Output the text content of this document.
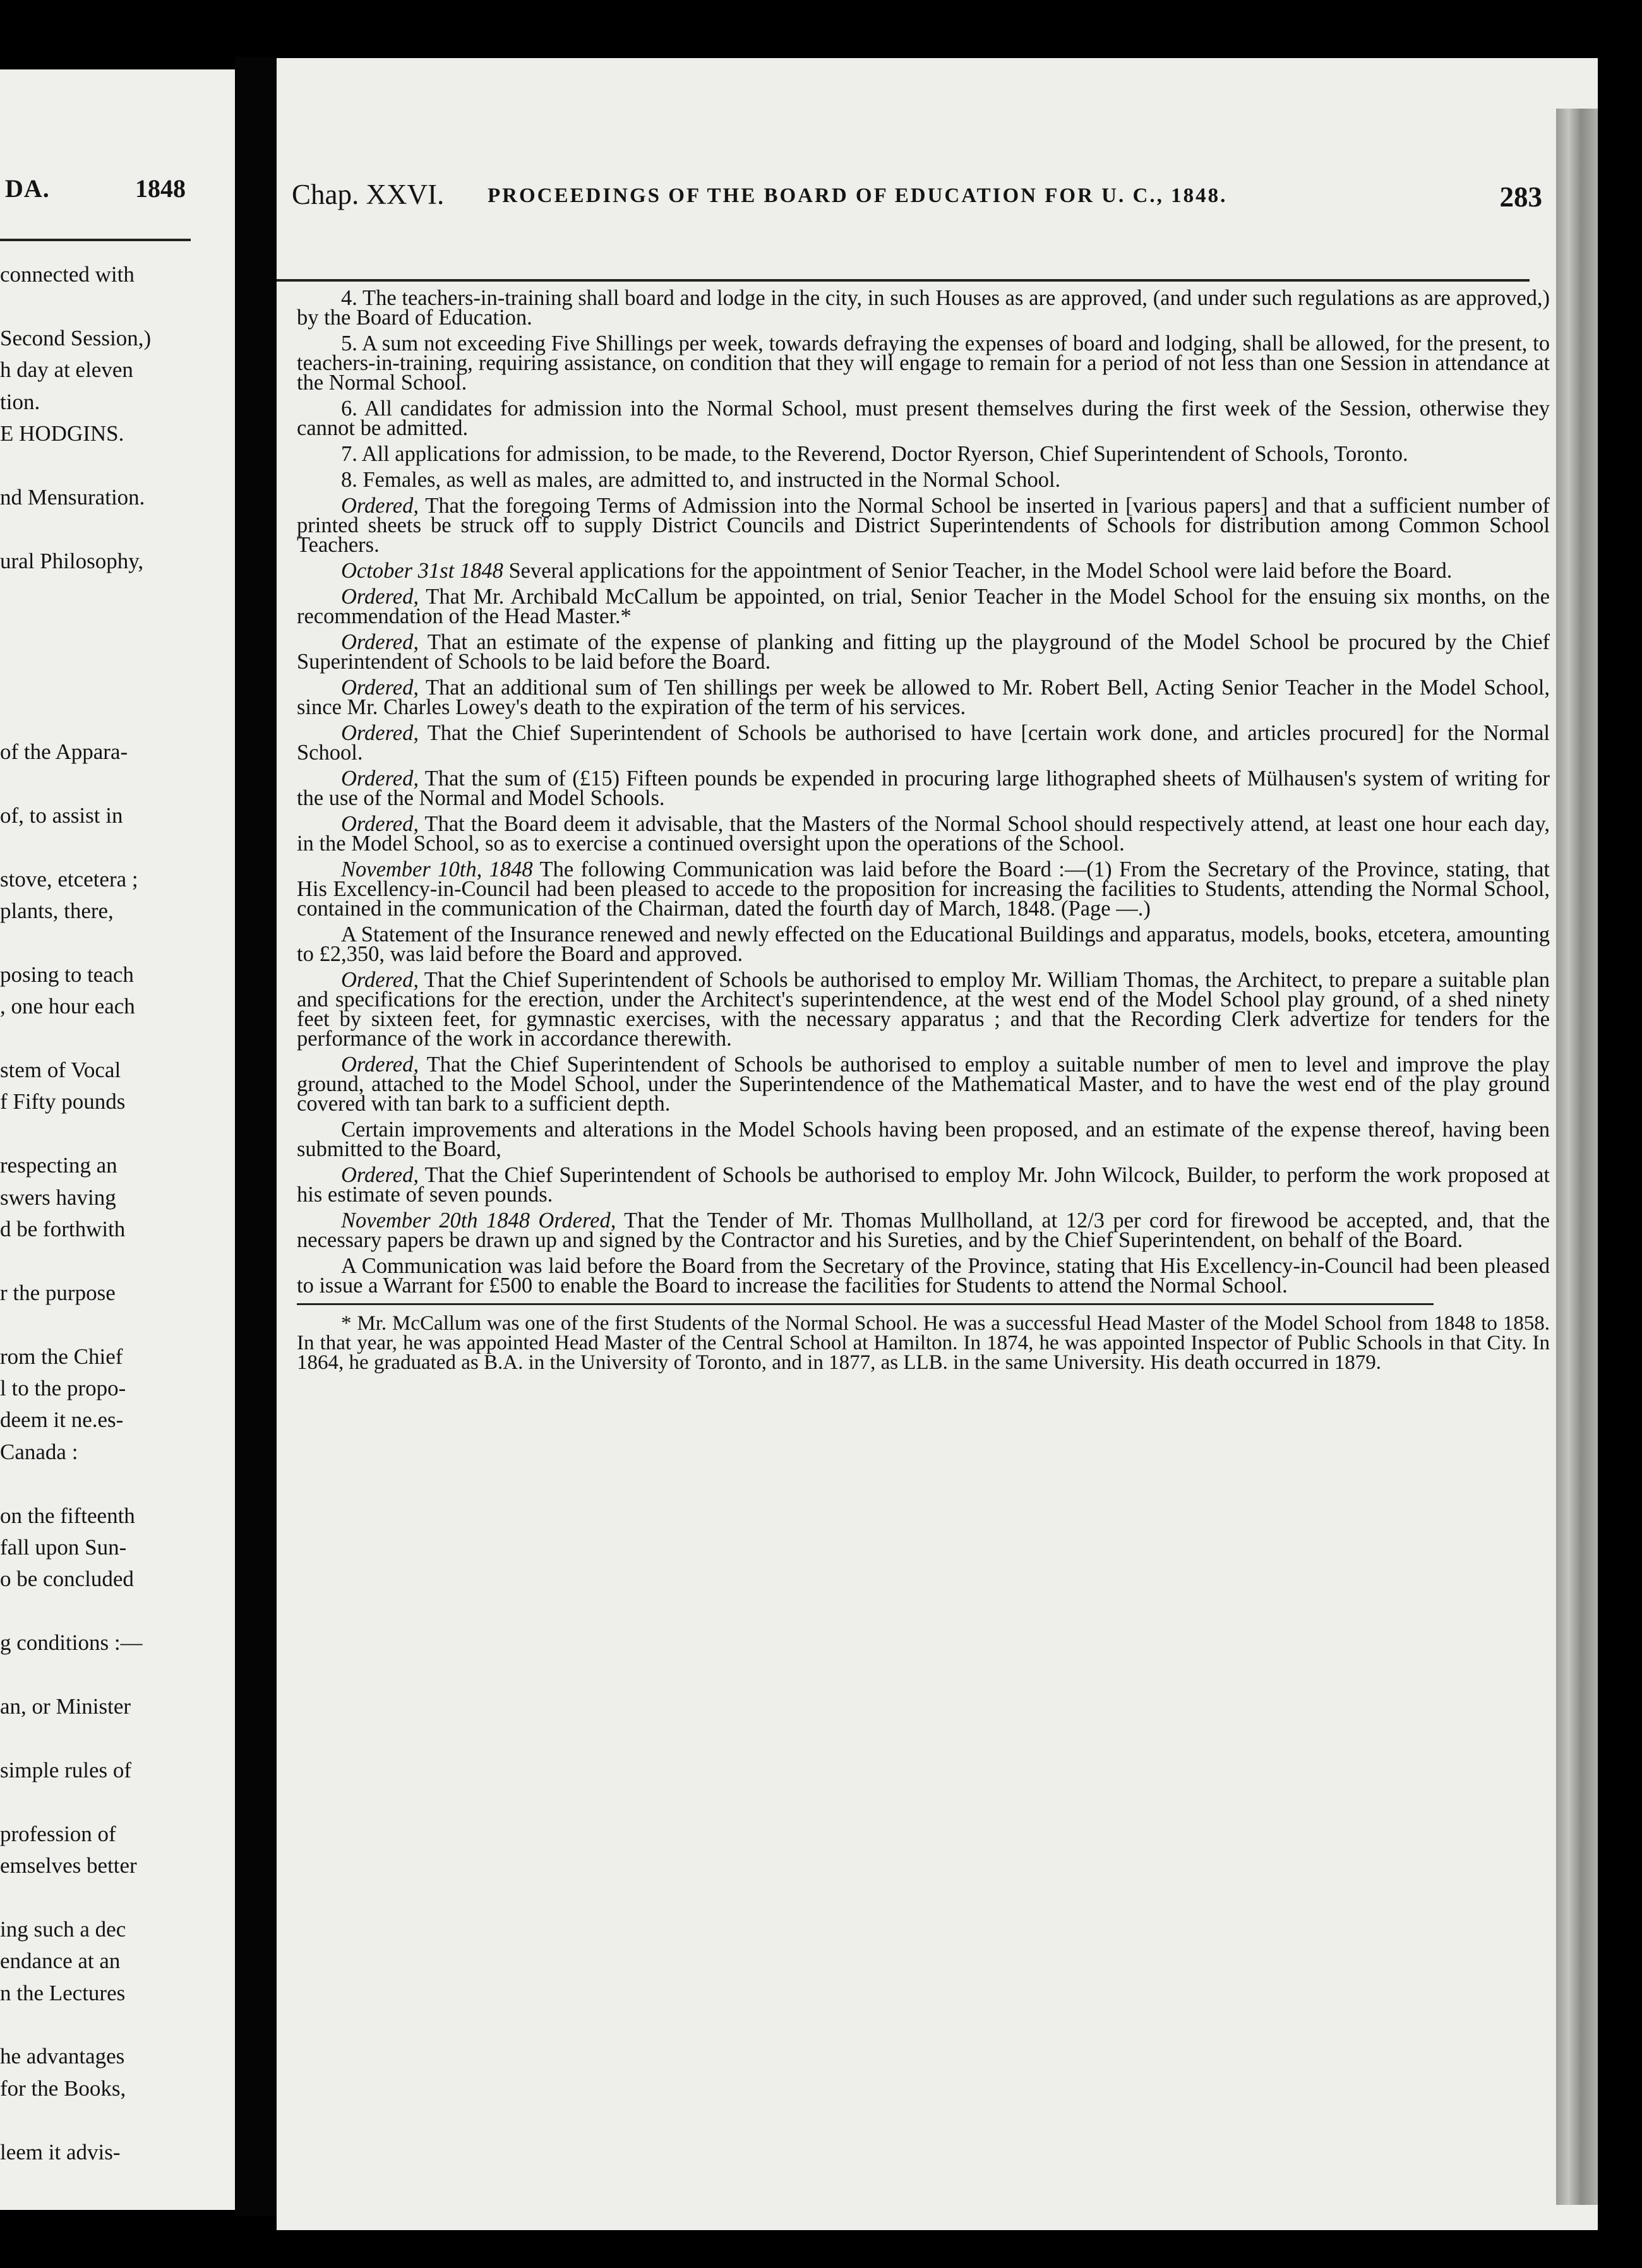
DA.	1848
connected with
Second Session,)
h day at eleven
tion.
E HODGINS.
nd Mensuration.
ural Philosophy,
of the Appara-
of, to assist in
stove, etcetera ;
plants, there,
posing to teach
, one hour each
stem of Vocal
f Fifty pounds
respecting an
swers having
d be forthwith
r the purpose
rom the Chief
l to the propo-
deem it ne.es-
Canada :
on the fifteenth
fall upon Sun-
o be concluded
g conditions :—
an, or Minister
simple rules of
profession of
emselves better
ing such a dec
endance at an
n the Lectures
he advantages
for the Books,
leem it advis-
Chap. XXVI. PROCEEDINGS OF THE BOARD OF EDUCATION FOR U. C., 1848.	283

4. The teachers-in-training shall board and lodge in the city, in such Houses as are approved, (and under such regulations as are approved,) by the Board of Education.

5. A sum not exceeding Five Shillings per week, towards defraying the expenses of board and lodging, shall be allowed, for the present, to teachers-in-training, requiring assistance, on condition that they will engage to remain for a period of not less than one Session in attendance at the Normal School.

6. All candidates for admission into the Normal School, must present themselves during the first week of the Session, otherwise they cannot be admitted.

7. All applications for admission, to be made, to the Reverend, Doctor Ryerson, Chief Superintendent of Schools, Toronto.

8. Females, as well as males, are admitted to, and instructed in the Normal School.

Ordered, That the foregoing Terms of Admission into the Normal School be inserted in [various papers] and that a sufficient number of printed sheets be struck off to supply District Councils and District Superintendents of Schools for distribution among Common School Teachers.

October 31st 1848 Several applications for the appointment of Senior Teacher, in the Model School were laid before the Board.

Ordered, That Mr. Archibald McCallum be appointed, on trial, Senior Teacher in the Model School for the ensuing six months, on the recommendation of the Head Master.*

Ordered, That an estimate of the expense of planking and fitting up the playground of the Model School be procured by the Chief Superintendent of Schools to be laid before the Board.

Ordered, That an additional sum of Ten shillings per week be allowed to Mr. Robert Bell, Acting Senior Teacher in the Model School, since Mr. Charles Lowey's death to the expiration of the term of his services.

Ordered, That the Chief Superintendent of Schools be authorised to have [certain work done, and articles procured] for the Normal School.

Ordered, That the sum of (£15) Fifteen pounds be expended in procuring large lithographed sheets of Mülhausen's system of writing for the use of the Normal and Model Schools.

Ordered, That the Board deem it advisable, that the Masters of the Normal School should respectively attend, at least one hour each day, in the Model School, so as to exercise a continued oversight upon the operations of the School.

November 10th, 1848 The following Communication was laid before the Board :—(1) From the Secretary of the Province, stating, that His Excellency-in-Council had been pleased to accede to the proposition for increasing the facilities to Students, attending the Normal School, contained in the communication of the Chairman, dated the fourth day of March, 1848. (Page —.)

A Statement of the Insurance renewed and newly effected on the Educational Buildings and apparatus, models, books, etcetera, amounting to £2,350, was laid before the Board and approved.

Ordered, That the Chief Superintendent of Schools be authorised to employ Mr. William Thomas, the Architect, to prepare a suitable plan and specifications for the erection, under the Architect's superintendence, at the west end of the Model School play ground, of a shed ninety feet by sixteen feet, for gymnastic exercises, with the necessary apparatus ; and that the Recording Clerk advertize for tenders for the performance of the work in accordance therewith.

Ordered, That the Chief Superintendent of Schools be authorised to employ a suitable number of men to level and improve the play ground, attached to the Model School, under the Superintendence of the Mathematical Master, and to have the west end of the play ground covered with tan bark to a sufficient depth.

Certain improvements and alterations in the Model Schools having been proposed, and an estimate of the expense thereof, having been submitted to the Board,

Ordered, That the Chief Superintendent of Schools be authorised to employ Mr. John Wilcock, Builder, to perform the work proposed at his estimate of seven pounds.

November 20th 1848 Ordered, That the Tender of Mr. Thomas Mullholland, at 12/3 per cord for firewood be accepted, and, that the necessary papers be drawn up and signed by the Contractor and his Sureties, and by the Chief Superintendent, on behalf of the Board.

A Communication was laid before the Board from the Secretary of the Province, stating that His Excellency-in-Council had been pleased to issue a Warrant for £500 to enable the Board to increase the facilities for Students to attend the Normal School.

* Mr. McCallum was one of the first Students of the Normal School. He was a successful Head Master of the Model School from 1848 to 1858. In that year, he was appointed Head Master of the Central School at Hamilton. In 1874, he was appointed Inspector of Public Schools in that City. In 1864, he graduated as B.A. in the University of Toronto, and in 1877, as LLB. in the same University. His death occurred in 1879.
